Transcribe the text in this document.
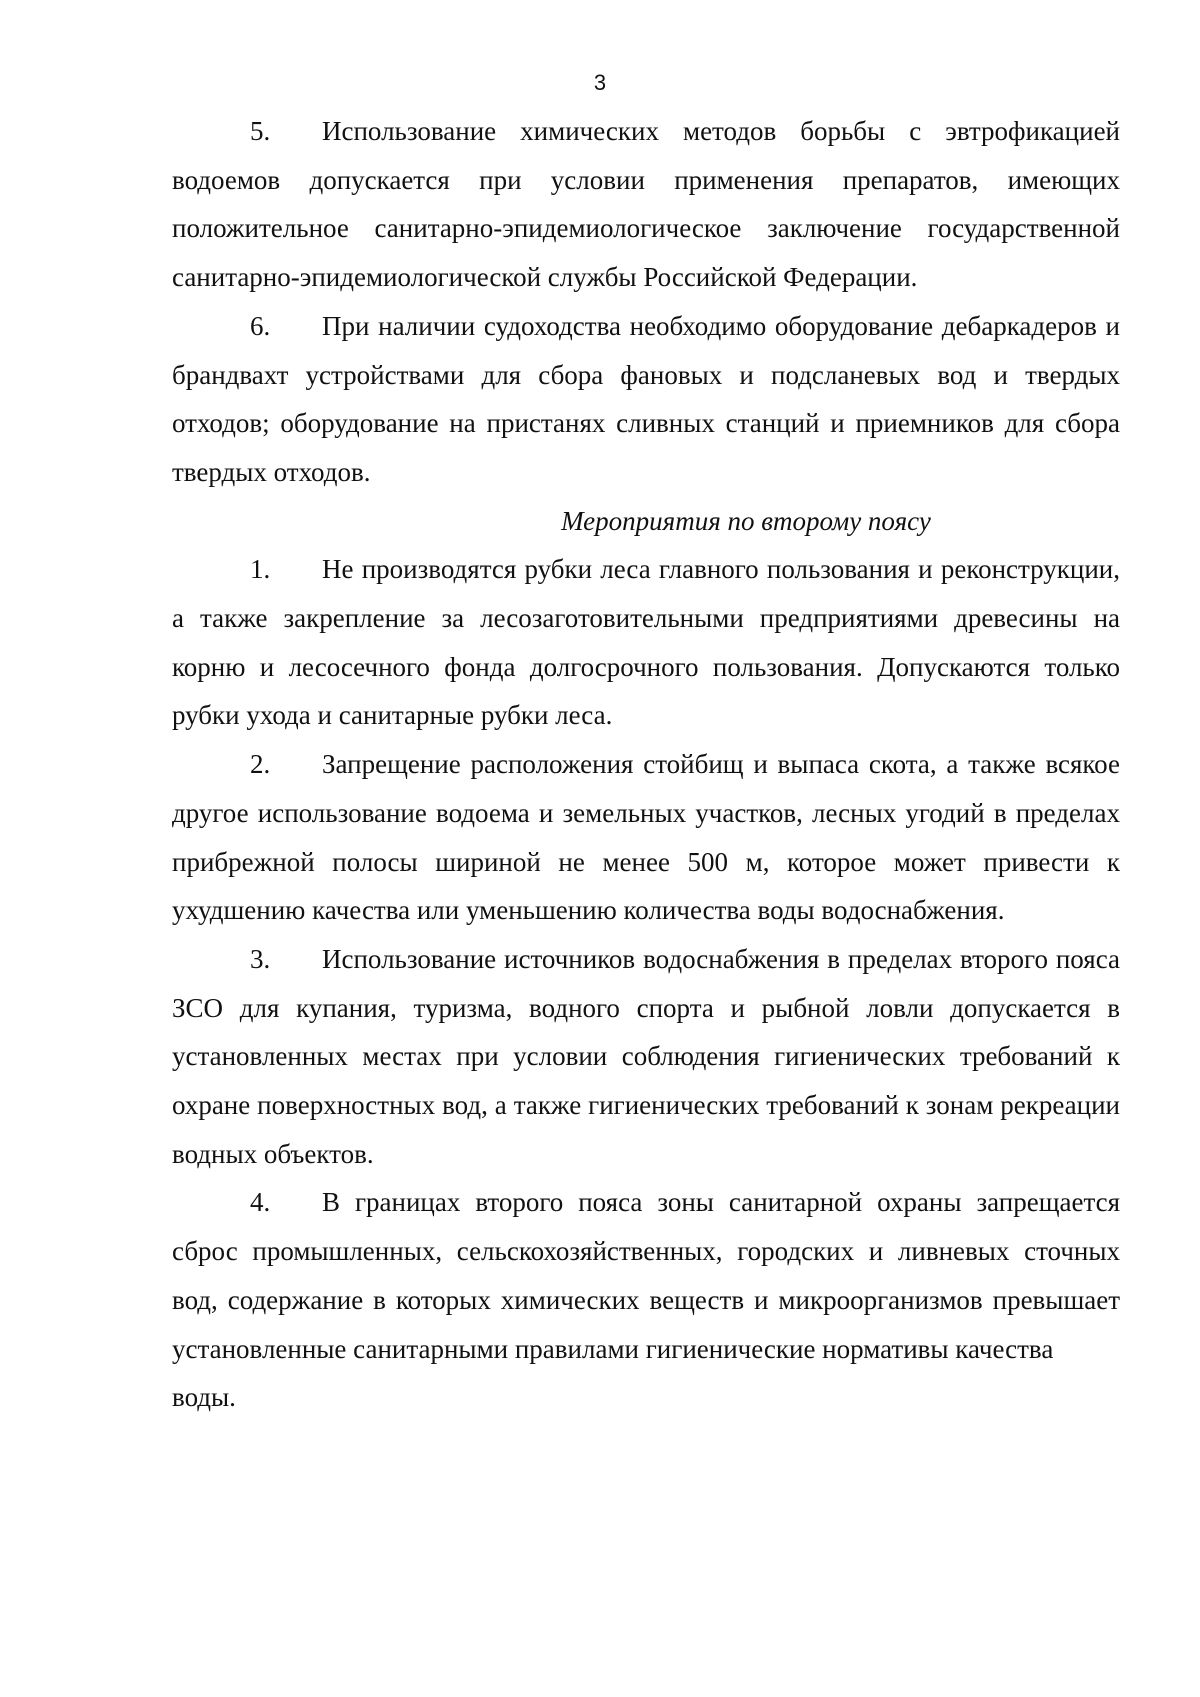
3

5. Использование химических методов борьбы с эвтрофикацией водоемов допускается при условии применения препаратов, имеющих положительное санитарно-эпидемиологическое заключение государственной санитарно-эпидемиологической службы Российской Федерации.

6. При наличии судоходства необходимо оборудование дебаркадеров и брандвахт устройствами для сбора фановых и подсланевых вод и твердых отходов; оборудование на пристанях сливных станций и приемников для сбора твердых отходов.

Мероприятия по второму поясу

1. Не производятся рубки леса главного пользования и реконструкции, а также закрепление за лесозаготовительными предприятиями древесины на корню и лесосечного фонда долгосрочного пользования. Допускаются только рубки ухода и санитарные рубки леса.

2. Запрещение расположения стойбищ и выпаса скота, а также всякое другое использование водоема и земельных участков, лесных угодий в пределах прибрежной полосы шириной не менее 500 м, которое может привести к ухудшению качества или уменьшению количества воды водоснабжения.

3. Использование источников водоснабжения в пределах второго пояса ЗСО для купания, туризма, водного спорта и рыбной ловли допускается в установленных местах при условии соблюдения гигиенических требований к охране поверхностных вод, а также гигиенических требований к зонам рекреации водных объектов.

4. В границах второго пояса зоны санитарной охраны запрещается сброс промышленных, сельскохозяйственных, городских и ливневых сточных вод, содержание в которых химических веществ и микроорганизмов превышает установленные санитарными правилами гигиенические нормативы качества

воды.
